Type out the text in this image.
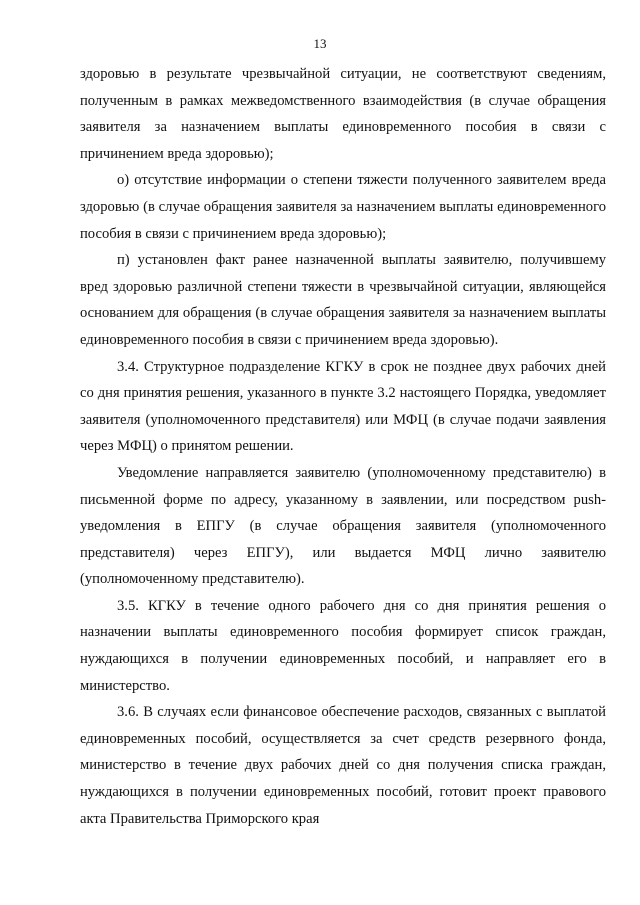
13

здоровью в результате чрезвычайной ситуации, не соответствуют сведениям, полученным в рамках межведомственного взаимодействия (в случае обращения заявителя за назначением выплаты единовременного пособия в связи с причинением вреда здоровью);

о) отсутствие информации о степени тяжести полученного заявителем вреда здоровью (в случае обращения заявителя за назначением выплаты единовременного пособия в связи с причинением вреда здоровью);

п) установлен факт ранее назначенной выплаты заявителю, получившему вред здоровью различной степени тяжести в чрезвычайной ситуации, являющейся основанием для обращения (в случае обращения заявителя за назначением выплаты единовременного пособия в связи с причинением вреда здоровью).

3.4. Структурное подразделение КГКУ в срок не позднее двух рабочих дней со дня принятия решения, указанного в пункте 3.2 настоящего Порядка, уведомляет заявителя (уполномоченного представителя) или МФЦ (в случае подачи заявления через МФЦ) о принятом решении.

Уведомление направляется заявителю (уполномоченному представителю) в письменной форме по адресу, указанному в заявлении, или посредством push-уведомления в ЕПГУ (в случае обращения заявителя (уполномоченного представителя) через ЕПГУ), или выдается МФЦ лично заявителю (уполномоченному представителю).

3.5. КГКУ в течение одного рабочего дня со дня принятия решения о назначении выплаты единовременного пособия формирует список граждан, нуждающихся в получении единовременных пособий, и направляет его в министерство.

3.6. В случаях если финансовое обеспечение расходов, связанных с выплатой единовременных пособий, осуществляется за счет средств резервного фонда, министерство в течение двух рабочих дней со дня получения списка граждан, нуждающихся в получении единовременных пособий, готовит проект правового акта Правительства Приморского края
